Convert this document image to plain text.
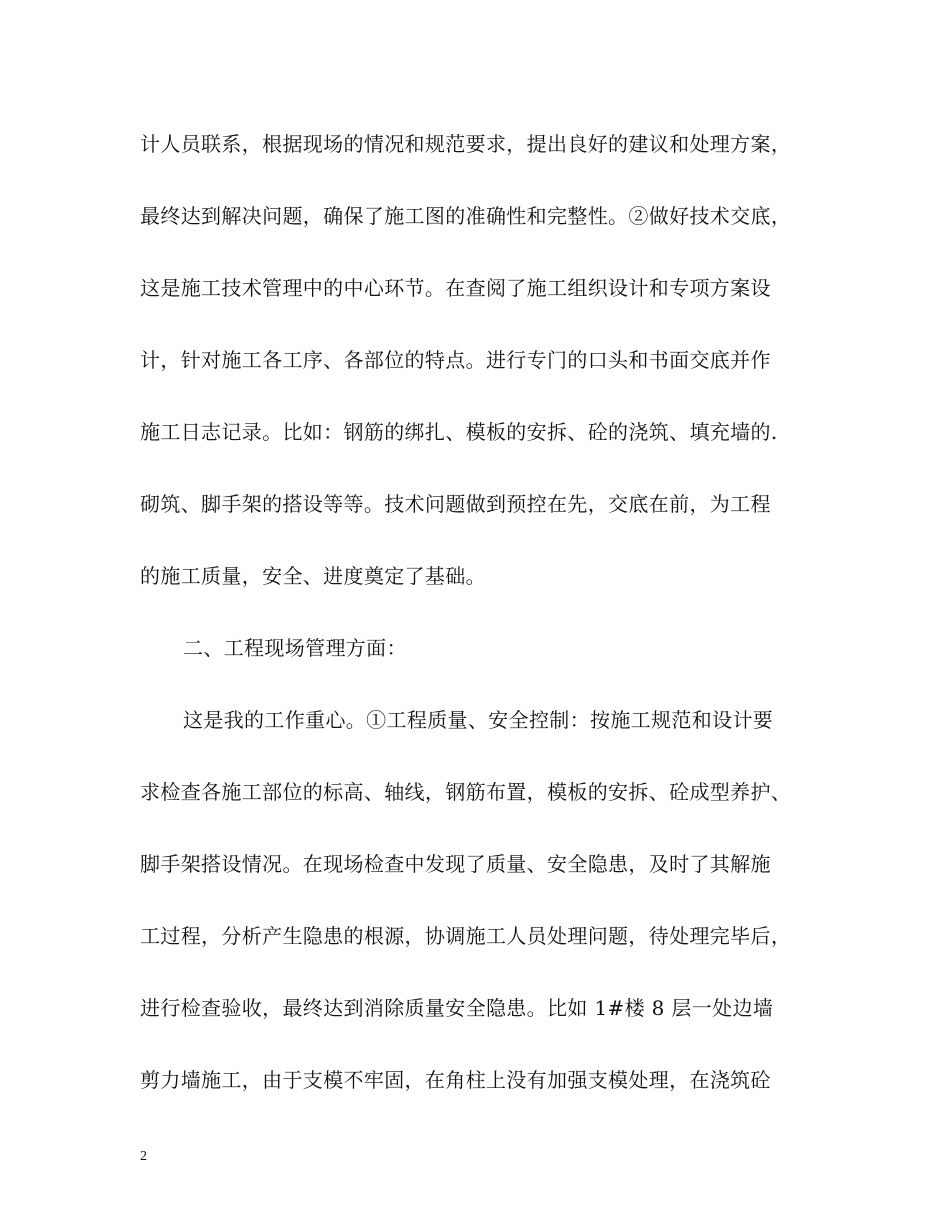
计人员联系，根据现场的情况和规范要求，提出良好的建议和处理方案，
最终达到解决问题，确保了施工图的准确性和完整性。②做好技术交底，
这是施工技术管理中的中心环节。在查阅了施工组织设计和专项方案设
计，针对施工各工序、各部位的特点。进行专门的口头和书面交底并作
施工日志记录。比如：钢筋的绑扎、模板的安拆、砼的浇筑、填充墙的.
砌筑、脚手架的搭设等等。技术问题做到预控在先，交底在前，为工程
的施工质量，安全、进度奠定了基础。
二、工程现场管理方面：
这是我的工作重心。①工程质量、安全控制：按施工规范和设计要
求检查各施工部位的标高、轴线，钢筋布置，模板的安拆、砼成型养护、
脚手架搭设情况。在现场检查中发现了质量、安全隐患，及时了其解施
工过程，分析产生隐患的根源，协调施工人员处理问题，待处理完毕后，
进行检查验收，最终达到消除质量安全隐患。比如 1#楼 8 层一处边墙
剪力墙施工，由于支模不牢固，在角柱上没有加强支模处理，在浇筑砼
2
